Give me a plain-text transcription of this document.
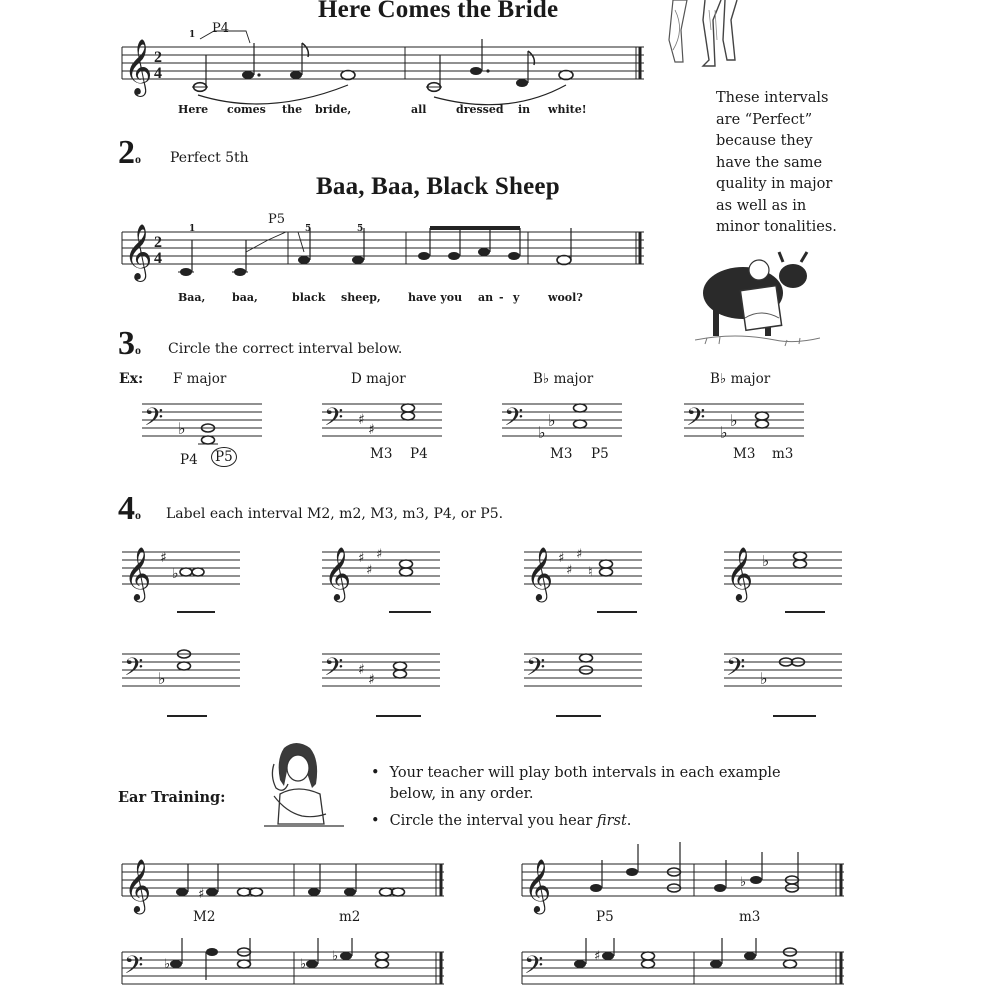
Here Comes the Bride
𝄞 2
4
1 P4
Here comes the bride,	all	dressed in white!
These intervals
are “Perfect”
because they
have the same
quality in major
as well as in
minor tonalities.
2o Perfect 5th
Baa, Baa, Black Sheep
𝄞 2
4
1	5	5
P5
Baa, baa,	black sheep, have you an - y	wool?
3o Circle the correct interval below.
Ex: F major	D major	B♭ major	B♭ major
𝄢 ♭	𝄢 ♯
♯	𝄢 ♭
♭	𝄢 ♭
♭
P4 P5	M3 P4	M3 P5	M3 m3
4o Label each interval M2, m2, M3, m3, P4, or P5.
𝄞 ♯
♭	𝄞 ♯
♯
♯	𝄞 ♯
♯
♯
♮	𝄞 ♭
𝄢 ♭	𝄢 ♯
♯	𝄢	𝄢 ♭
Ear Training:
• Your teacher will play both intervals in each example below, in any order.
• Circle the interval you hear first.
𝄞	♯
M2	m2
𝄞	♭
P5	m3
𝄢 ♭	♭
♭	𝄢	♯
